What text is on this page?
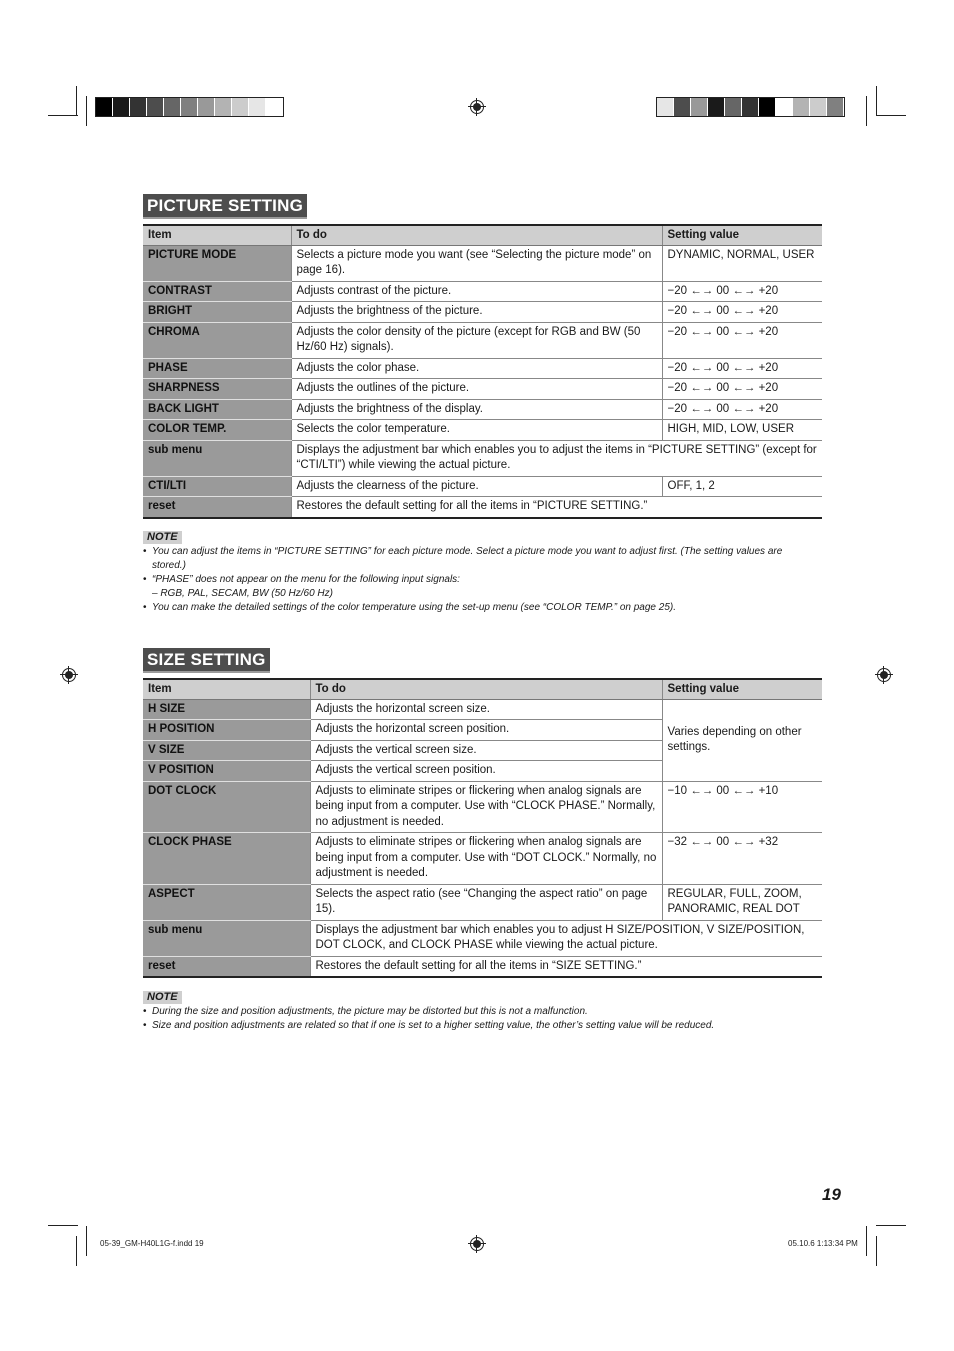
PICTURE SETTING
Item	To do	Setting value
PICTURE MODE	Selects a picture mode you want (see “Selecting the picture mode” on page 16).	DYNAMIC, NORMAL, USER
CONTRAST	Adjusts contrast of the picture.	−20 ←→ 00 ←→ +20
BRIGHT	Adjusts the brightness of the picture.	−20 ←→ 00 ←→ +20
CHROMA	Adjusts the color density of the picture (except for RGB and BW (50 Hz/60 Hz) signals).	−20 ←→ 00 ←→ +20
PHASE	Adjusts the color phase.	−20 ←→ 00 ←→ +20
SHARPNESS	Adjusts the outlines of the picture.	−20 ←→ 00 ←→ +20
BACK LIGHT	Adjusts the brightness of the display.	−20 ←→ 00 ←→ +20
COLOR TEMP.	Selects the color temperature.	HIGH, MID, LOW, USER
sub menu	Displays the adjustment bar which enables you to adjust the items in “PICTURE SETTING” (except for “CTI/LTI”) while viewing the actual picture.	
CTI/LTI	Adjusts the clearness of the picture.	OFF, 1, 2
reset	Restores the default setting for all the items in “PICTURE SETTING.”	
NOTE
• You can adjust the items in “PICTURE SETTING” for each picture mode. Select a picture mode you want to adjust first. (The setting values are stored.)
• “PHASE” does not appear on the menu for the following input signals:
– RGB, PAL, SECAM, BW (50 Hz/60 Hz)
• You can make the detailed settings of the color temperature using the set-up menu (see “COLOR TEMP.” on page 25).
SIZE SETTING
Item	To do	Setting value
H SIZE	Adjusts the horizontal screen size.	Varies depending on other settings.
H POSITION	Adjusts the horizontal screen position.	
V SIZE	Adjusts the vertical screen size.	
V POSITION	Adjusts the vertical screen position.	
DOT CLOCK	Adjusts to eliminate stripes or flickering when analog signals are being input from a computer. Use with “CLOCK PHASE.” Normally, no adjustment is needed.	−10 ←→ 00 ←→ +10
CLOCK PHASE	Adjusts to eliminate stripes or flickering when analog signals are being input from a computer. Use with “DOT CLOCK.” Normally, no adjustment is needed.	−32 ←→ 00 ←→ +32
ASPECT	Selects the aspect ratio (see “Changing the aspect ratio” on page 15).	REGULAR, FULL, ZOOM, PANORAMIC, REAL DOT
sub menu	Displays the adjustment bar which enables you to adjust H SIZE/POSITION, V SIZE/POSITION, DOT CLOCK, and CLOCK PHASE while viewing the actual picture.	
reset	Restores the default setting for all the items in “SIZE SETTING.”	
NOTE
• During the size and position adjustments, the picture may be distorted but this is not a malfunction.
• Size and position adjustments are related so that if one is set to a higher setting value, the other’s setting value will be reduced.
19
05-39_GM-H40L1G-f.indd 19	05.10.6 1:13:34 PM
